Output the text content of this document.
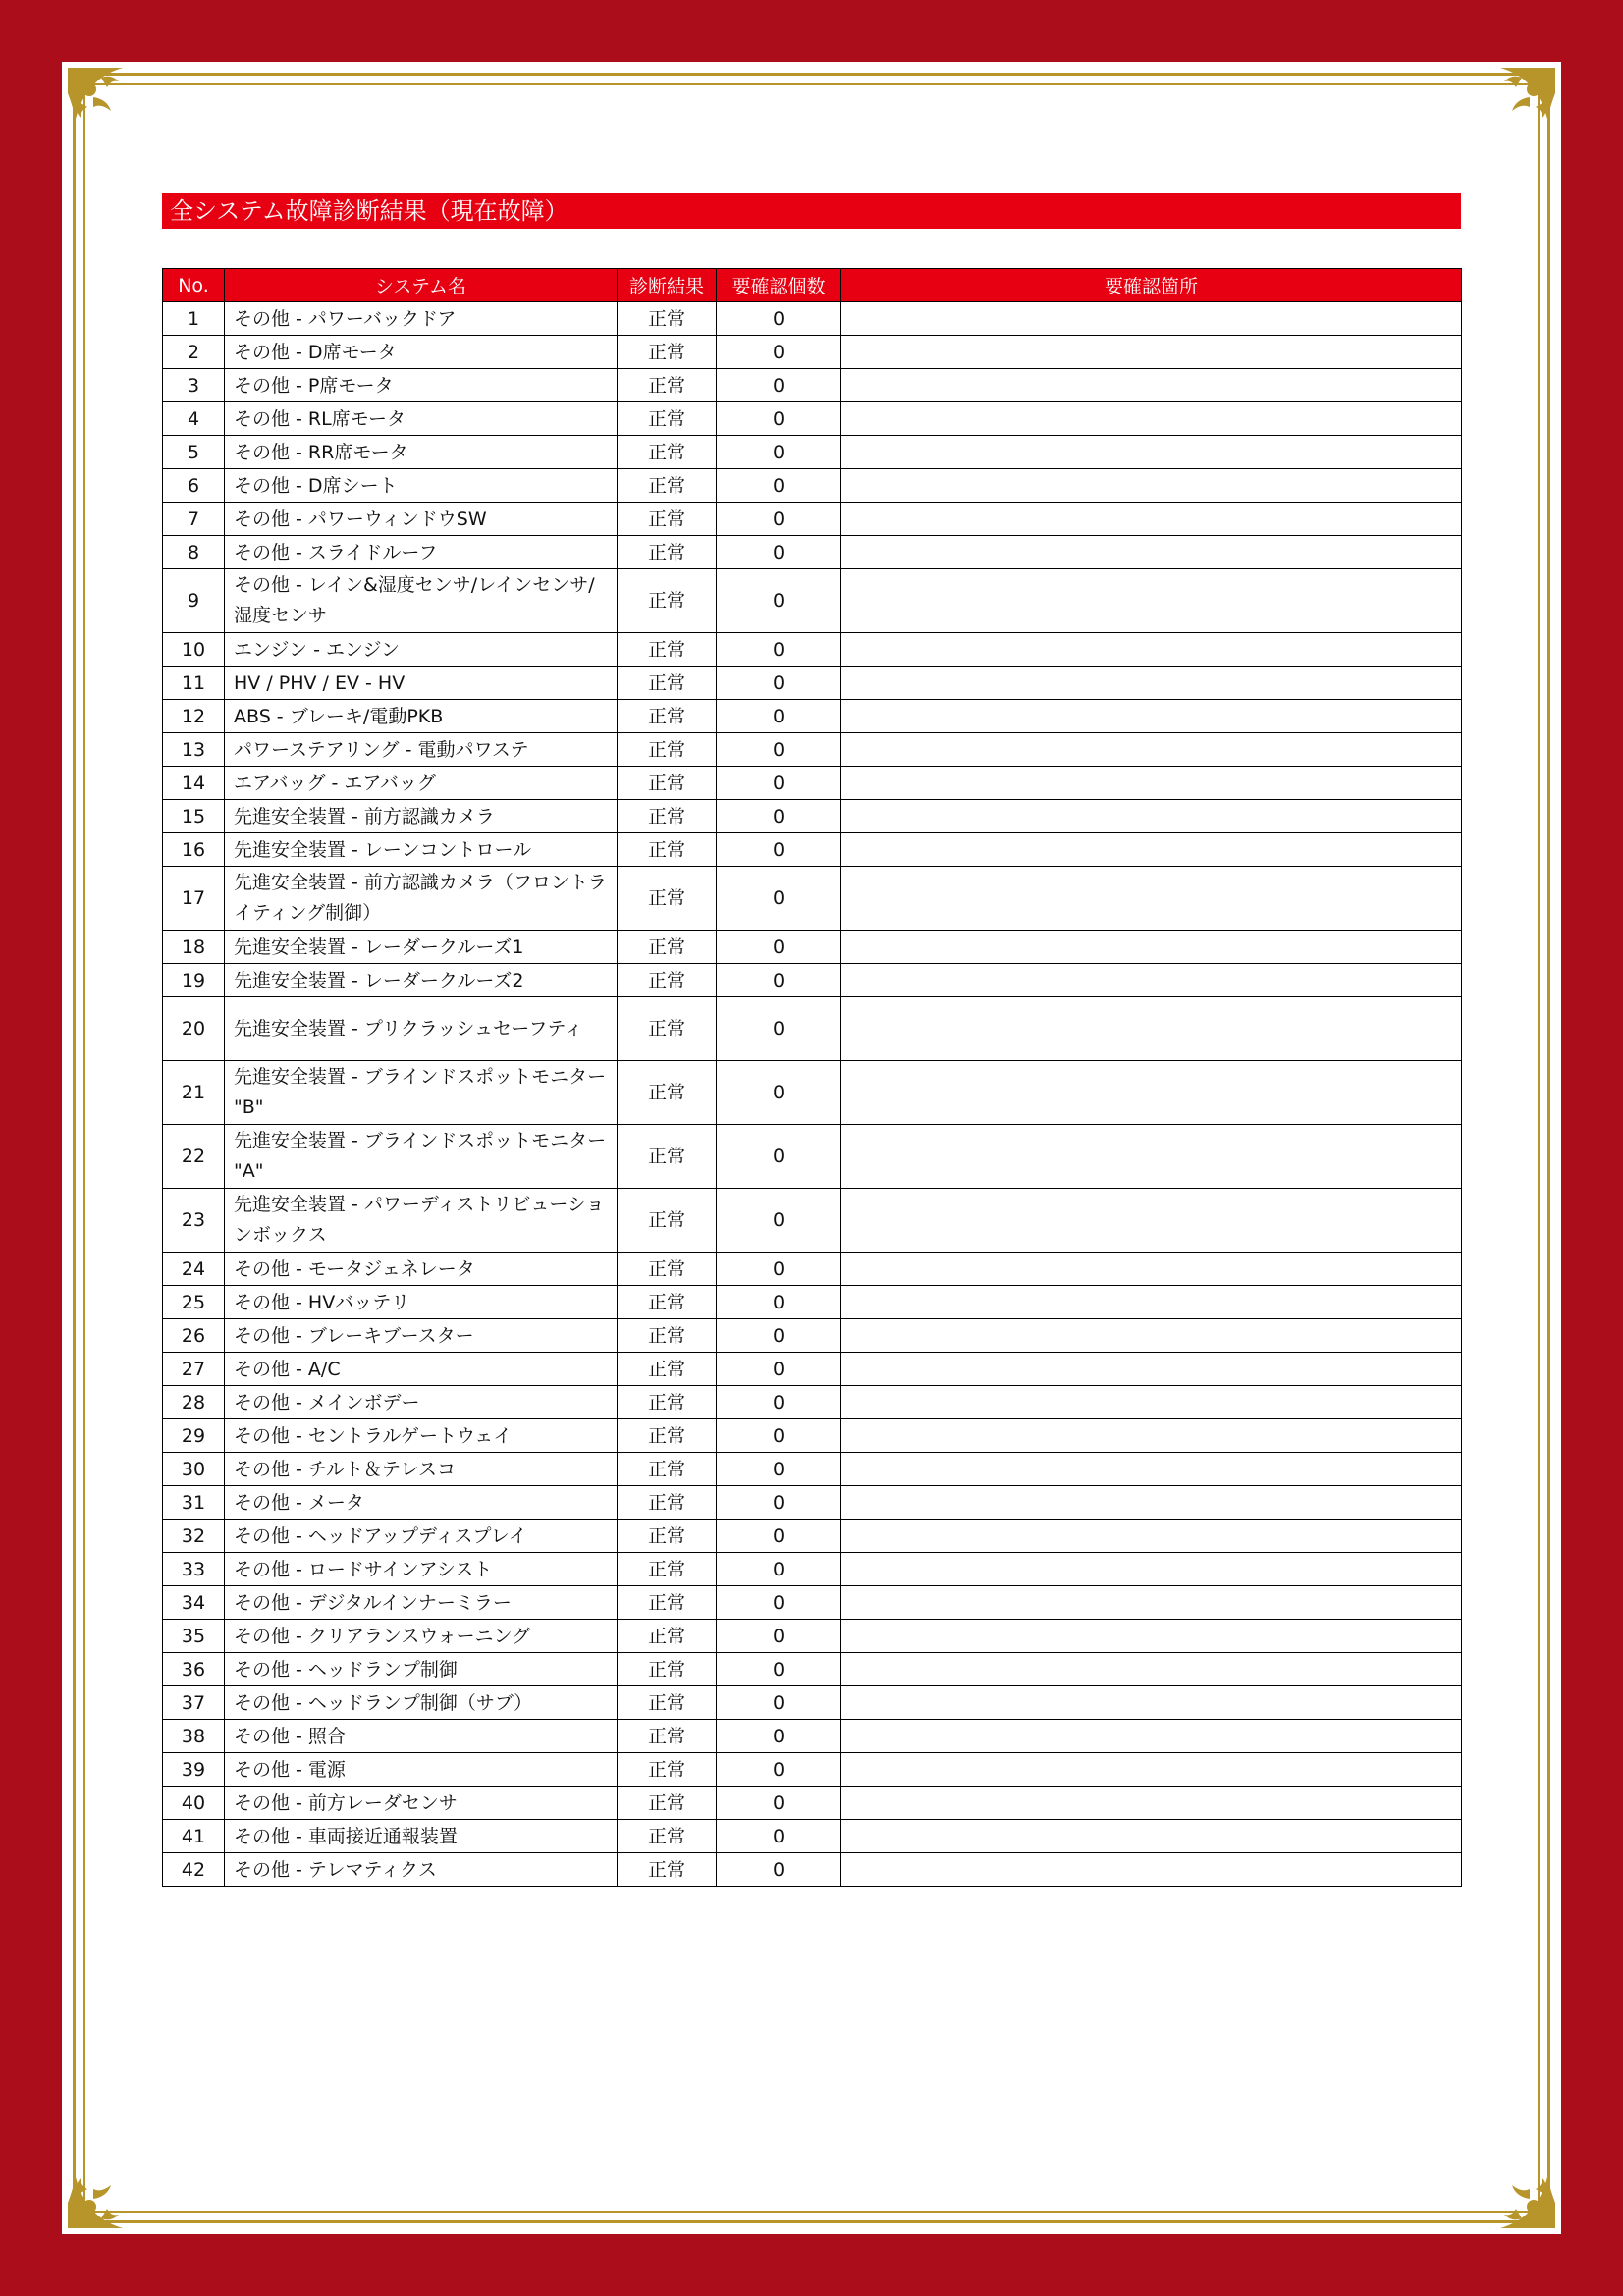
全システム故障診断結果（現在故障）
No.	システム名	診断結果	要確認個数	要確認箇所
1	その他 - パワーバックドア	正常	0	
2	その他 - D席モータ	正常	0	
3	その他 - P席モータ	正常	0	
4	その他 - RL席モータ	正常	0	
5	その他 - RR席モータ	正常	0	
6	その他 - D席シート	正常	0	
7	その他 - パワーウィンドウSW	正常	0	
8	その他 - スライドルーフ	正常	0	
9	その他 - レイン&湿度センサ/レインセンサ/湿度センサ	正常	0	
10	エンジン - エンジン	正常	0	
11	HV / PHV / EV - HV	正常	0	
12	ABS - ブレーキ/電動PKB	正常	0	
13	パワーステアリング - 電動パワステ	正常	0	
14	エアバッグ - エアバッグ	正常	0	
15	先進安全装置 - 前方認識カメラ	正常	0	
16	先進安全装置 - レーンコントロール	正常	0	
17	先進安全装置 - 前方認識カメラ（フロントライティング制御）	正常	0	
18	先進安全装置 - レーダークルーズ1	正常	0	
19	先進安全装置 - レーダークルーズ2	正常	0	
20	先進安全装置 - プリクラッシュセーフティ	正常	0	
21	先進安全装置 - ブラインドスポットモニター "B"	正常	0	
22	先進安全装置 - ブラインドスポットモニター "A"	正常	0	
23	先進安全装置 - パワーディストリビューションボックス	正常	0	
24	その他 - モータジェネレータ	正常	0	
25	その他 - HVバッテリ	正常	0	
26	その他 - ブレーキブースター	正常	0	
27	その他 - A/C	正常	0	
28	その他 - メインボデー	正常	0	
29	その他 - セントラルゲートウェイ	正常	0	
30	その他 - チルト＆テレスコ	正常	0	
31	その他 - メータ	正常	0	
32	その他 - ヘッドアップディスプレイ	正常	0	
33	その他 - ロードサインアシスト	正常	0	
34	その他 - デジタルインナーミラー	正常	0	
35	その他 - クリアランスウォーニング	正常	0	
36	その他 - ヘッドランプ制御	正常	0	
37	その他 - ヘッドランプ制御（サブ）	正常	0	
38	その他 - 照合	正常	0	
39	その他 - 電源	正常	0	
40	その他 - 前方レーダセンサ	正常	0	
41	その他 - 車両接近通報装置	正常	0	
42	その他 - テレマティクス	正常	0	
